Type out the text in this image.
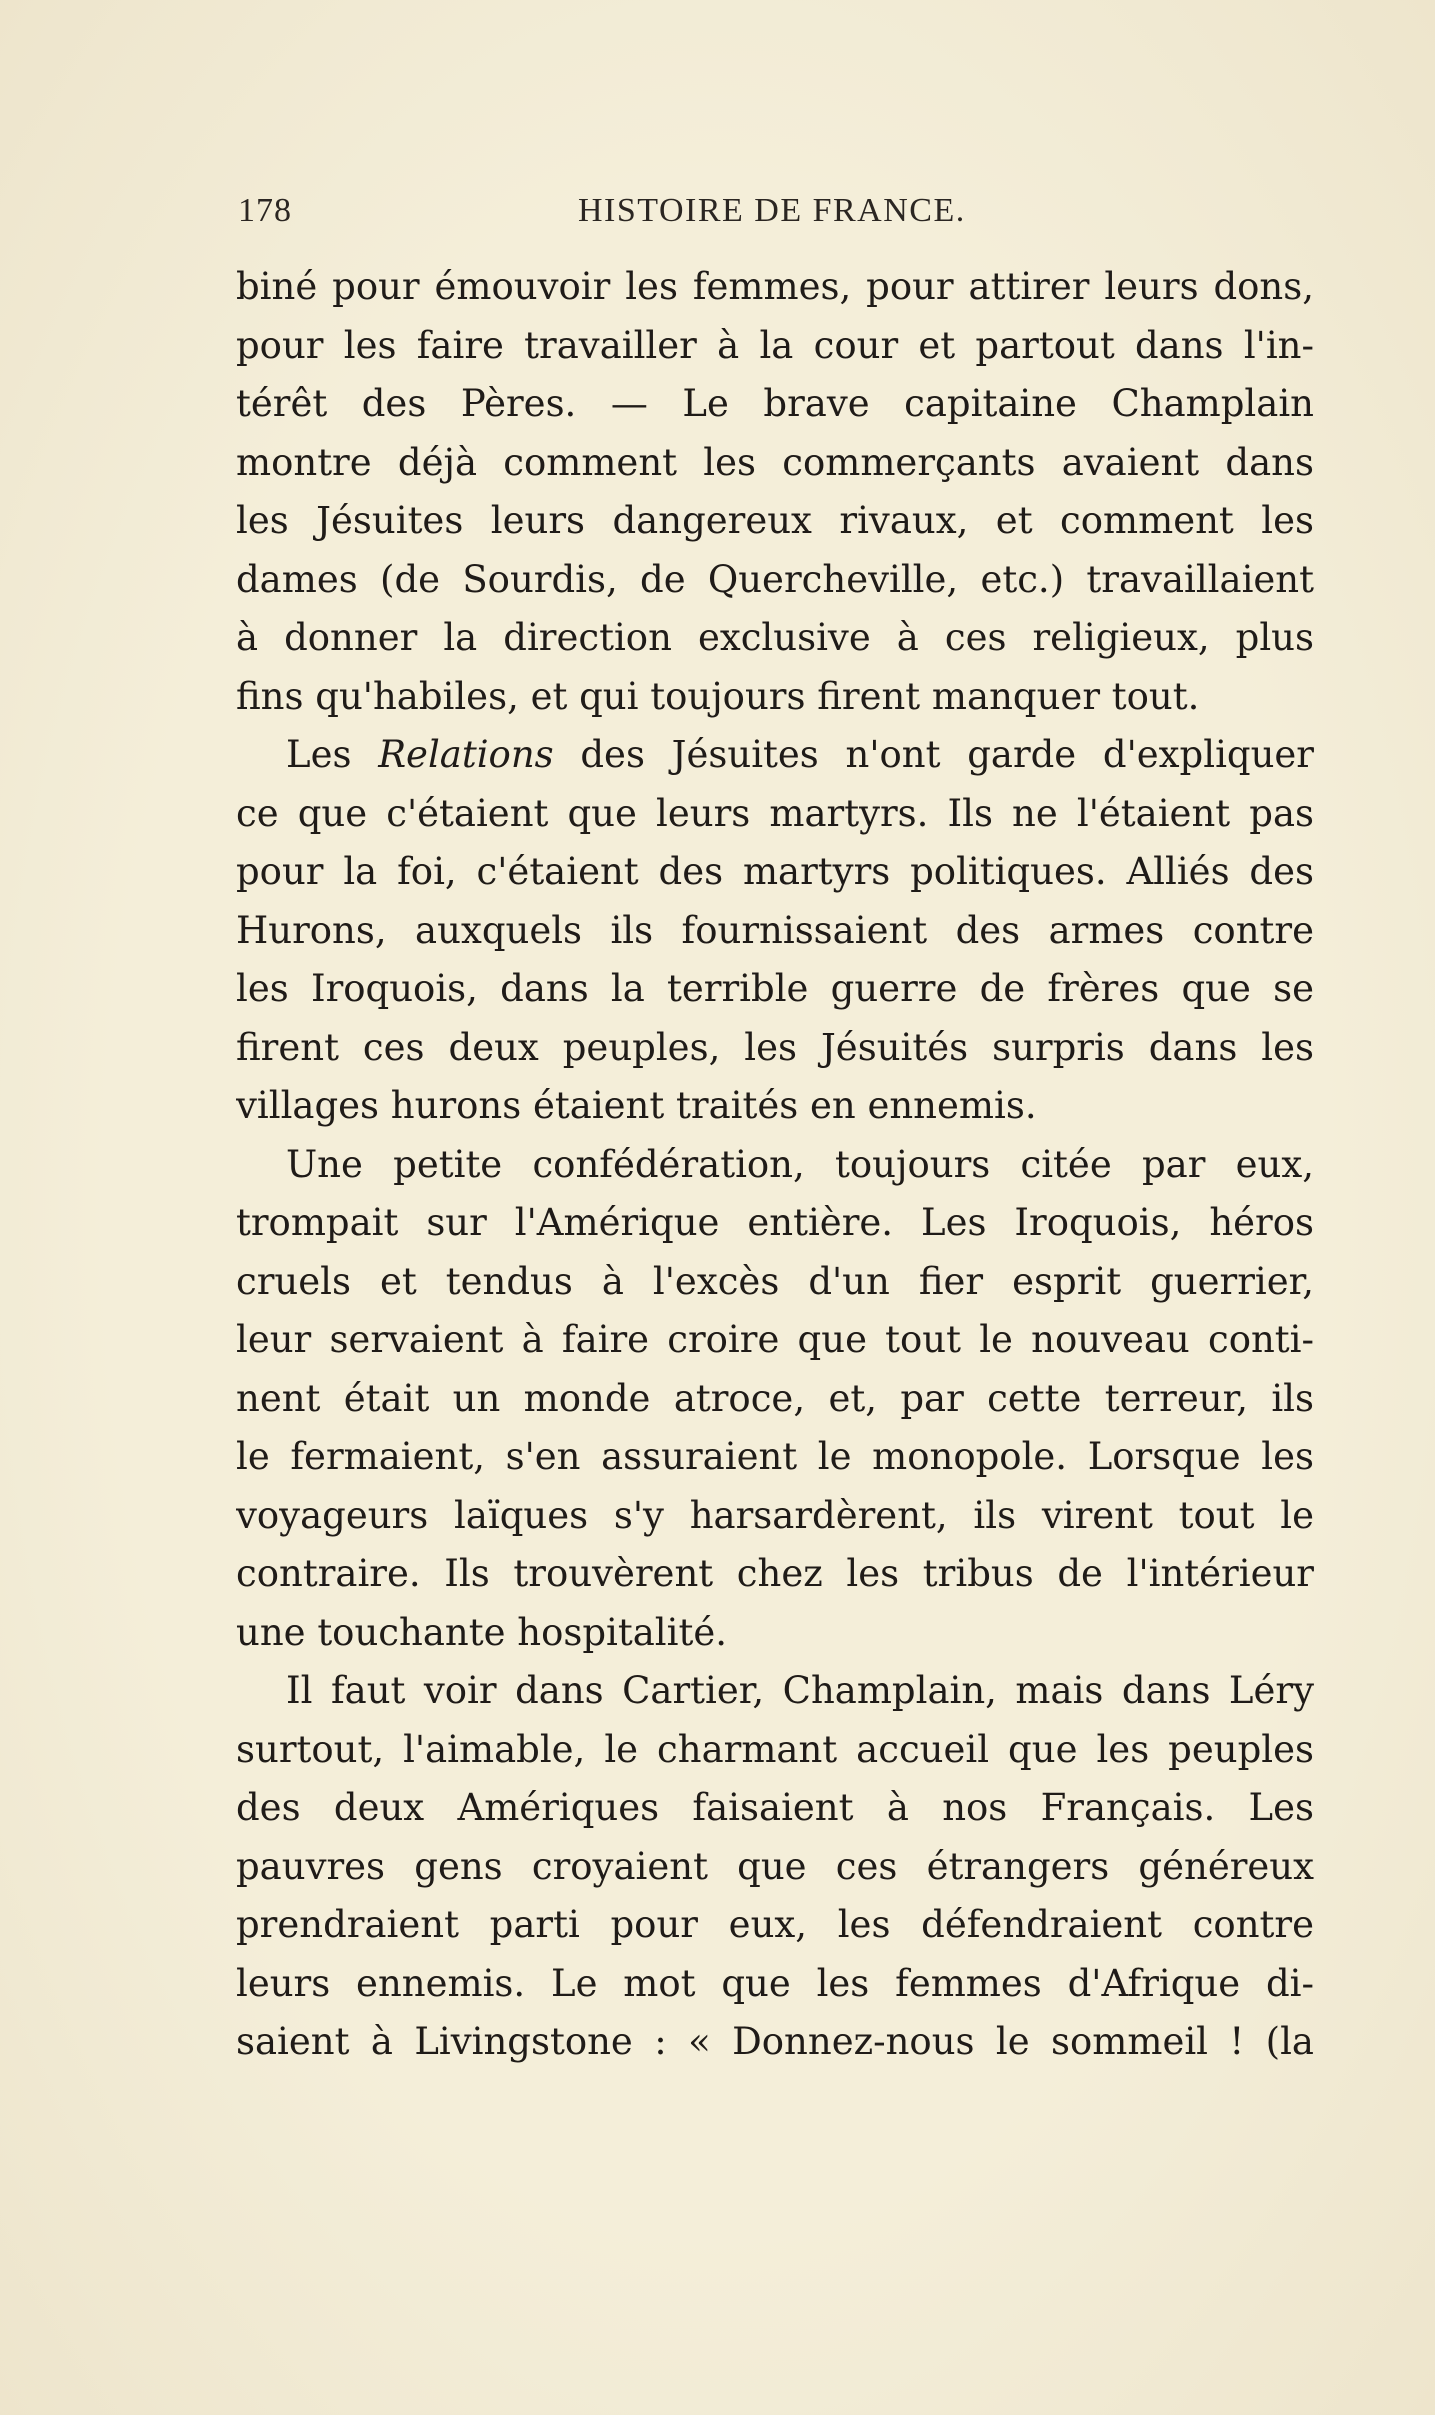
178	HISTOIRE DE FRANCE.
biné pour émouvoir les femmes, pour attirer leurs dons,
pour les faire travailler à la cour et partout dans l'in-
térêt des Pères. — Le brave capitaine Champlain
montre déjà comment les commerçants avaient dans
les Jésuites leurs dangereux rivaux, et comment les
dames (de Sourdis, de Quercheville, etc.) travaillaient
à donner la direction exclusive à ces religieux, plus
fins qu'habiles, et qui toujours firent manquer tout.
Les Relations des Jésuites n'ont garde d'expliquer
ce que c'étaient que leurs martyrs. Ils ne l'étaient pas
pour la foi, c'étaient des martyrs politiques. Alliés des
Hurons, auxquels ils fournissaient des armes contre
les Iroquois, dans la terrible guerre de frères que se
firent ces deux peuples, les Jésuités surpris dans les
villages hurons étaient traités en ennemis.
Une petite confédération, toujours citée par eux,
trompait sur l'Amérique entière. Les Iroquois, héros
cruels et tendus à l'excès d'un fier esprit guerrier,
leur servaient à faire croire que tout le nouveau conti-
nent était un monde atroce, et, par cette terreur, ils
le fermaient, s'en assuraient le monopole. Lorsque les
voyageurs laïques s'y harsardèrent, ils virent tout le
contraire. Ils trouvèrent chez les tribus de l'intérieur
une touchante hospitalité.
Il faut voir dans Cartier, Champlain, mais dans Léry
surtout, l'aimable, le charmant accueil que les peuples
des deux Amériques faisaient à nos Français. Les
pauvres gens croyaient que ces étrangers généreux
prendraient parti pour eux, les défendraient contre
leurs ennemis. Le mot que les femmes d'Afrique di-
saient à Livingstone : « Donnez-nous le sommeil ! (la
